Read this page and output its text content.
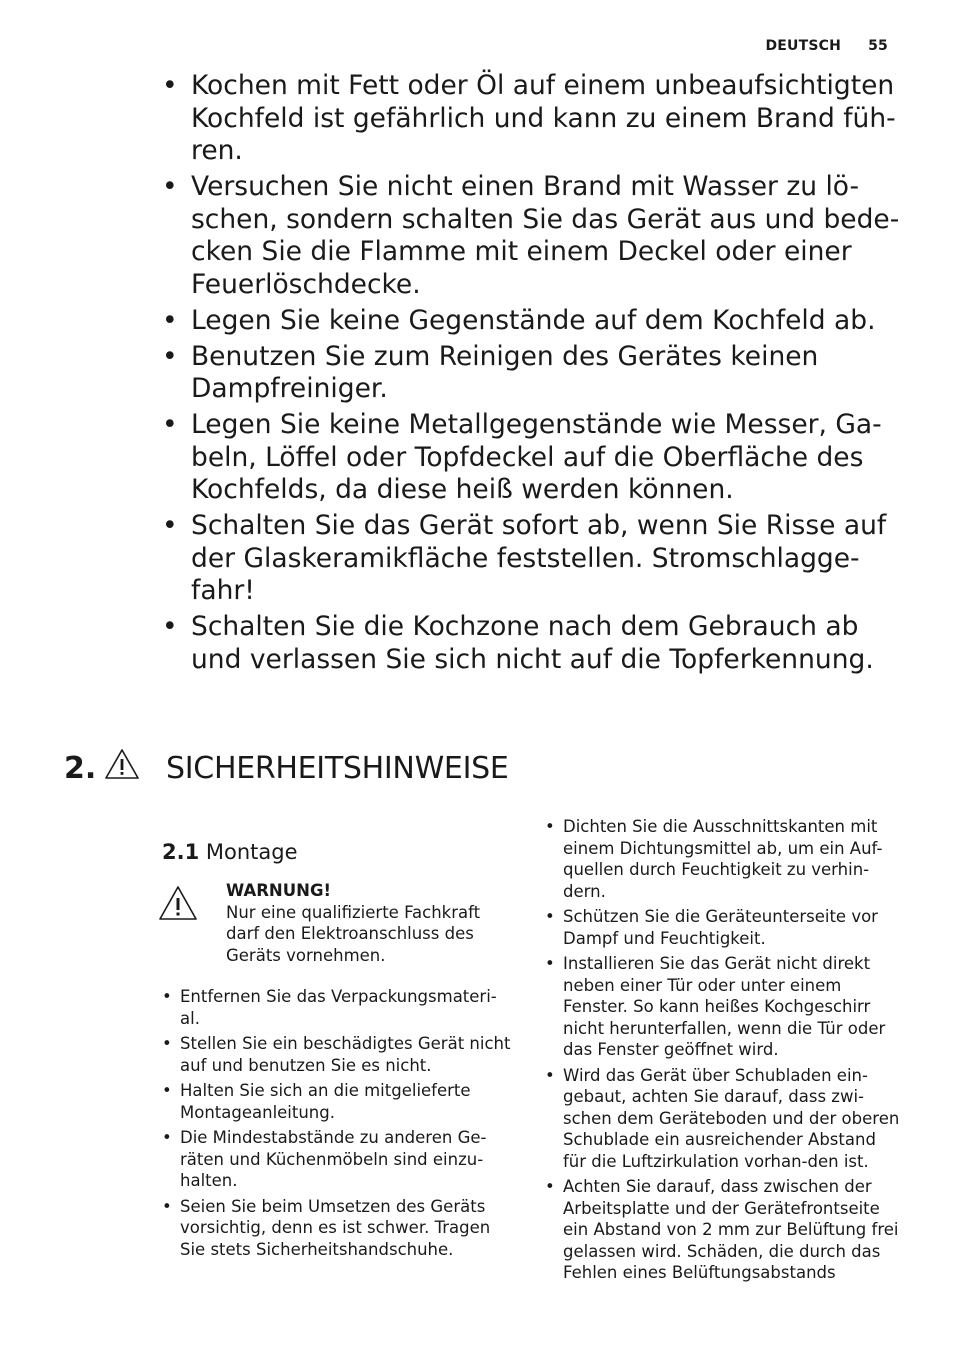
DEUTSCH 55
• Kochen mit Fett oder Öl auf einem unbeaufsichtigten Kochfeld ist gefährlich und kann zu einem Brand füh-ren.
• Versuchen Sie nicht einen Brand mit Wasser zu lö-schen, sondern schalten Sie das Gerät aus und bede-cken Sie die Flamme mit einem Deckel oder einer Feuerlöschdecke.
• Legen Sie keine Gegenstände auf dem Kochfeld ab.
• Benutzen Sie zum Reinigen des Gerätes keinen Dampfreiniger.
• Legen Sie keine Metallgegenstände wie Messer, Ga-beln, Löffel oder Topfdeckel auf die Oberfläche des Kochfelds, da diese heiß werden können.
• Schalten Sie das Gerät sofort ab, wenn Sie Risse auf der Glaskeramikfläche feststellen. Stromschlagge-fahr!
• Schalten Sie die Kochzone nach dem Gebrauch ab und verlassen Sie sich nicht auf die Topferkennung.
2. SICHERHEITSHINWEISE
2.1 Montage
WARNUNG!
Nur eine qualifizierte Fachkraft darf den Elektroanschluss des Geräts vornehmen.
• Entfernen Sie das Verpackungsmateri-al.
• Stellen Sie ein beschädigtes Gerät nicht auf und benutzen Sie es nicht.
• Halten Sie sich an die mitgelieferte Montageanleitung.
• Die Mindestabstände zu anderen Ge-räten und Küchenmöbeln sind einzu-halten.
• Seien Sie beim Umsetzen des Geräts vorsichtig, denn es ist schwer. Tragen Sie stets Sicherheitshandschuhe.
• Dichten Sie die Ausschnittskanten mit einem Dichtungsmittel ab, um ein Auf-quellen durch Feuchtigkeit zu verhin-dern.
• Schützen Sie die Geräteunterseite vor Dampf und Feuchtigkeit.
• Installieren Sie das Gerät nicht direkt neben einer Tür oder unter einem Fenster. So kann heißes Kochgeschirr nicht herunterfallen, wenn die Tür oder das Fenster geöffnet wird.
• Wird das Gerät über Schubladen ein-gebaut, achten Sie darauf, dass zwi-schen dem Geräteboden und der oberen Schublade ein ausreichender Abstand für die Luftzirkulation vorhan-den ist.
• Achten Sie darauf, dass zwischen der Arbeitsplatte und der Gerätefrontseite ein Abstand von 2 mm zur Belüftung frei gelassen wird. Schäden, die durch das Fehlen eines Belüftungsabstands
